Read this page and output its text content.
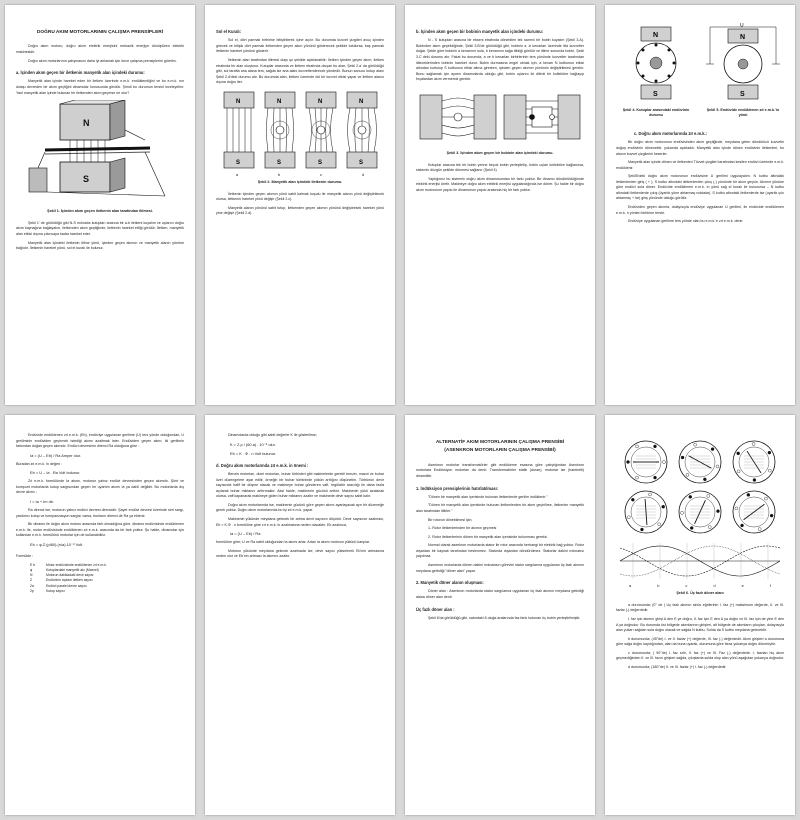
DOĞRU AKIM MOTORLARININ ÇALIŞMA PRENSİPLERİ

Doğru akım motoru, doğru akım elektrik enerjisini mekanik enerjiye dönüştüren elektrik makinesidir.

Doğru akım motorlarının çalışmasını daha iyi anlamak için önce çalışma prensiplerini görelim.

a. İçinden akım geçen bir iletkenin manyetik alan içindeki durumu:

Manyetik alan içinde hareket eden bir iletken üzerinde e.m.k. endüklendiğini ve bu e.m.k. nın dolaşı devreden bir akım geçtiğini dinamolar konusunda gördük. Şimdi bu durumun tersini inceleyelim: Yani manyetik alan içinde bulunan bir iletkenden akım geçerse ne olur?

N
S
Şekil 1. İçinden akım geçen iletkenin alan tarafından itilmesi.

Şekil 1' de görüldüğü gibi N-S mıknatıs kutupları arasına bir a-b iletkeni koyalım ve uçlarını doğru akım kaynağına bağlayalım, iletkenden akım geçtiğinde, iletkenin hareket ettiği görülür. İletken, manyetik alan etkisi dışına çıkıncaya kadar hareket eder.

Manyetik alan içindeki iletkenin itilme yönü, içinden geçen akımın ve manyetik alanın yönüne bağlıdır. İletkenin hareket yönü, sol el kuralı ile bulunur.

Sol el Kuralı:

Sol el, dört parmak birbirine bitiştirilerek içine açılır. Bu durumda kuvvet çizgileri avuç içinden girecek ve bitişik dört parmak iletkenden geçen akım yönünü gösterecek şekilde tutulursa; baş parmak iletkenin hareket yönünü gösterir.

İletkenin alan tarafından itilmesi olayı şu şekilde açıklanabilir: İletken içinden geçen akım, iletken etrafında bir alan oluşturur. Kutuplar arasında ve iletken etrafında oluşan bu alan, Şekil 2.a' da görüldüğü gibi, sol tarafta ana alana ters, sağda ise ana alanı kuvvetlendirecek yöndedir. Bunun sonucu kutup alanı Şekil 2.d'deki durumu alır. Bu durumda alan, iletken üzerinde dol bir kuvvet etkisi yapar ve iletken alanın dışına doğru iter.

N
S
N
S
N
S
N
S
a	b	c	d
Şekil 2. Manyetik alan içindeki iletkenin durumu.

İletkenin içinden geçen akımın yönü sabit kalmak koşulu ile manyetik alanın yönü değiştirilecek olursa, iletkenin hareket yönü değişir (Şekil 2.c).

Manyetik alanın yönünü sabit tutup, iletkenden geçen akımın yönünü değiştirirsek hareket yönü yine değişir (Şekil 2.d).

b. İçinden akım geçen bir bobinin manyetik alan içindeki durumu:

N - S kutupları arasına bir ekseni etrafında dönebilen tek sarımlı bir bobin koyalım (Şekil 3.A). Bobinden akım geçirildiğinde, Şekil 3.B'de görüldüğü gibi, bobinin a -b kenarları üzerinde itici kuvvetler doğar. Şekle göre bobinin a kenarının sola, b kenarının sağa itildiği görülür ve itilme sonunda bobin, Şekil 3.C deki durumu alır. Fakat bu durumda, a ve b kenarları birbirlerinin ters yönünde kuvvetler tarafından itileceklerinden bobinin hareket durur. Bobin durmasına engel olmak için, a kenarı N kutbunun etkisi altından kurtulup S kutbunun etkisi altına girerken, içinden geçen akımın yönünün değiştirilmesi gerekir. Bunu sağlamak için aynen dinamolarda olduğu gibi, bobin uçlarını iki dilimli bir kollektöre bağlayıp fırçalardan akım vermemiz gerekir.

Şekil 3. İçinden akım geçen bir bobinin alan içindeki durumu.

Kutuplar arasına tek bir bobin yerine birçok bobin yerleştirilip, bobin uçları kollektöre bağlanırsa, sistemin düzgün şekilde dönmesi sağlanır (Şekil 4)

Yaptığımız bu sistemin doğru akım dinamosundan bir farkı yoktur. Bir dinamo döndürüldüğünde elektrik enerjisi üretir. Makineye doğru akım elektrik enerjisi uygulandığında ise döner. Şu halde bir doğru akım motorunun yapısı ile dinamonun yapısı arasında hiç bir fark yoktur.

N
S
Şekil 4. Kutuplar arasındaki endüvinin durumu
U
N
S
Şekil 5. Endüvide endüklenen zıt e.m.k.'in yönü
c. Doğru akım motorlarında zıt e.m.k.:

Bir doğru akım motorunun endüvisinden akım geçtiğinde, meydana gelen döndürücü kuvvetin doğuş endüvinin dönecektir, yukarıda açıkladık. Manyetik alan içinde dönen endüvinin iletkenleri, bu alanın kuvvet çizgilerini keserler.

Manyetik alan içinde dönen ve iletkenleri Tüvvet çizgileri tarafından kesilen endüvi üzerinde e.m.k. endüklenir.

Şekil5'deki doğru akım motorunun endüvisine U gerilimi uygulayalım. N kutbu altındaki iletkenlerden giriş ( + ), S kutbu altındaki iletkenlerden çıkış (-) yönünde bir akım geçsin. Akımın yönüne göre endüvi sola döner. Endüvide endüklenen e.m.k. in yönü sağ el kuralı ile bulunursa – N kutbu altındaki iletkenlerde çıkış (üyarlık yöne ahtarmaç noktalar), S kutbu altındaki iletkenlerde ise (uyarlık çıkı ahtarmaç + lar) giriş yönünde olduğu görülür.

Endüviden geçen akımla, dolayısıyla endüviye uygulanan U gerilimi, ile endüvide endüklenen e.m.k. n yönleri birbirine terstir.

Endüviye uygulanan gerilime ters yönde olan bu e.m.k.'e zıt e.m.k. denir.

Endüvide endüklenen zıt e.m.k. (Eb), endüviye uygulanan gerilime (U) ters yönde olduğundan, U geriliminin endüviden geçirmek istediği akımı azaltmak ister. Endüviden geçen akım, iki gerilimin farkından doğan geçen akımdır. Endüvi devresinin direnci Ra olduğuna göre :

Ia = (U – Eb) / Ra Amper olur.

Buradan zıt e.m.k. in değeri :

Eb = U – Ia . Ra Volt bulunur.

Zıt e.m.k. formülünde Ia akımı, motorun yalnız endüvi devresinden geçen akımdır. Şönt ve kompunt motorlarda kutup sargısından geçen Im uyartım akımı Ia ya dahil değildir. Bu motorlarda dış devre akımı ;

I = Ia + Im dir.

Ra direnci ise, motorun yalnız endüvi devresi direncidir. Şayet endüvi devresi üzerinde seri sargı, yardımcı kutup ve kompanzasyon sargısı varsa, bunların direnci de Ra ya eklenir.

Bir dinamo ile doğru akım motoru arasında fark olmadığına göre, dinamo endüvisinde endüklenen e.m.k. ile, motor endüvisinde endüklenen zıt e.m.k. arasında da bir fark yoktur. Şu halde, dinamolar için kullanılan e.m.k. formülünü motorlar için de kullanabiliriz.

Eb = φ.Z.(p/60).(n/a).10⁻⁸ Volt

Formülde :

E b	Motor endüvisinde endüklenen zıt e.m.k.

φ	Kutuplardaki manyetik akı (Maxvel)

N	Motorun dakikadaki devir sayısı

Z	Endüvinin toplam iletken sayısı

2a	Endüvi paralel devre sayısı

2p	Kutup sayısı

Dinamolarda olduğu gibi sabit değerler K ile gösterilirse;

K = Z.p / (60.a) . 10⁻⁸ olur.
Eb = K . Φ . n Volt bulunur.
d. Doğru akım motorlarında zıt e.m.k. in önemi :

Benzin motorları, dizel motorları, buhar türbinleri gibi makinelerde gerekli benzin, mazot ve buhar özel düzengelere ayar edilir, örneğin bir buhar türbininde yükün arttığını düşünelim. Türbünün devir sayısında hafif bir düşme olacak ve makineye buhar gönderen vaff, regülatör aracılığı ile daha fazla açılarak buhar miktarını arttırmaktır. Aksi halde, makinenin gücünü arttırır. Makinenin yükü azalacak olursa, vaff kapanarak makineye giden buhar miktarını azaltır ve makinede devir sayısı sabit kalır.

Doğru akım motorlarında ise, makinenin gücünü göre geçen akımı ayarlayacak ayrı bir düzeneğe gerek yoktur. Doğru akım motorlarında bu işi zıt e.m.k. yapar.

Makinenin yükünde meydana gelecek bir artma devir sayısını düşürür. Devir sayısının azalması, Eb = K.Φ . n formülüne göre zıt e.m.k. in azalmasına neden olacaktır. Eb azalınca,

Ia = (U – Eb) / Ra

formülüne göre; U ve Ra sabit olduğundan Ia akımı artar. Artan Ia akımı motorun yükünü karşılar.

Motorun yükünde meydana gelecek azalmada ise, devir sayısı yükselerek Eb'nin artmasına neden olur ve Eb'nin artması Ia akımını azaltır.

ALTERNATİF AKIM MOTORLARININ ÇALIŞMA PRENSİBİ
(ASENKRON MOTORLARIN ÇALIŞMA PRENSİBİ)

Asenkron motorlar transformatörler gibi endükleme esasına göre çalıştığından Asenkron motorlara Endüksiyon motorları da denir. Transformatörler statik (duran), motorlar ise (hareketli) dinamiktir.

1. İndüksiyon prensiplerinin hatırlatılması:

"Dönen bir manyetik alan içerisinde bulunan iletkenlerde gerilim indüklenir."

"Dönen bir manyetik alan içerisinde bulunan iletkenlerden bir akım geçirilirse, iletkenler manyetik alan tarafından itilirler."

Bir rotorun dönebilmesi için;

1- Rotor iletkenlerinden bir akımın geçmesi

2- Rotor iletkenlerinin dönen bir manyetik alan içerisinde bulunması gerekir.

Normal olarak asenkron motorlarda stator ile rotor arasında herhangi bir elektrik bağ yoktur. Rotor dışardan bir kaynak tarafından beslenmez. Statorda dışardan döndürülmez. Statorlar dakini mıknatısı yapılmaz.

Asenkron motorlarda dönen dakini mıknatısın görevini stator sargılarına uygulanan üç fazlı akımın meydana getirdiği "döner alan" yapar.

2. Manyetik döner alanın oluşması:

Döner alan : Asenkron motorlarda stator sargılarına uygulanan üç fazlı akımın meydana getirdiği alana döner alan denir.

Üç fazlı döner alan :

Şekil 6'da görüldüğü gibi, satordaki 6 oluğa aralarında faz farkı bulunan üç bobin yerleştirilmiştir.

a	b	c	d	e	f
Şekil 6. Üç fazlı döner alanı

a durumunda; (0° de ) Uç fazlı akımın sinüs eğrilerinin I. faz (+) maksimum değerde, II. ve III. fazlar (-) değerdedir.

I. faz için akımın girişi A den E ye doğru, II. faz için E den A ya doğru ve III. faz için de yine E den A ya doğrudur. Bu durumda üst bölgede akımlarının girişleri, alt bölgede de akımların çıkışları, dolayısıyla alan yukarı sağdan sola doğru olacak ve sağda N kutbu, Solda da S kutbu meydana gelecektir.

b durumunda; (45°de) I. ve II. fazlar (+) değerde, III. faz (-) değerdedir. Akım girişleri a durumuna göre sağa doğru kaydığından, alan da buna uyarak, durumuna göre biraz yukarıya doğru dönmüştür.

c durumunda; ( 90°de) I. faz sıfır, II. faz (+) ve III. Faz (-) değerdedir. I. fazdan hiç akım geçmediğinden II. ve III. fazın girişleri sağda, çıkışlarda solda olup alan yönü aşağıdan yukarıya doğrudur.

d durumunda; (180°de) II. ve III. fazlar (+) I. faz (-) değerdedir.
